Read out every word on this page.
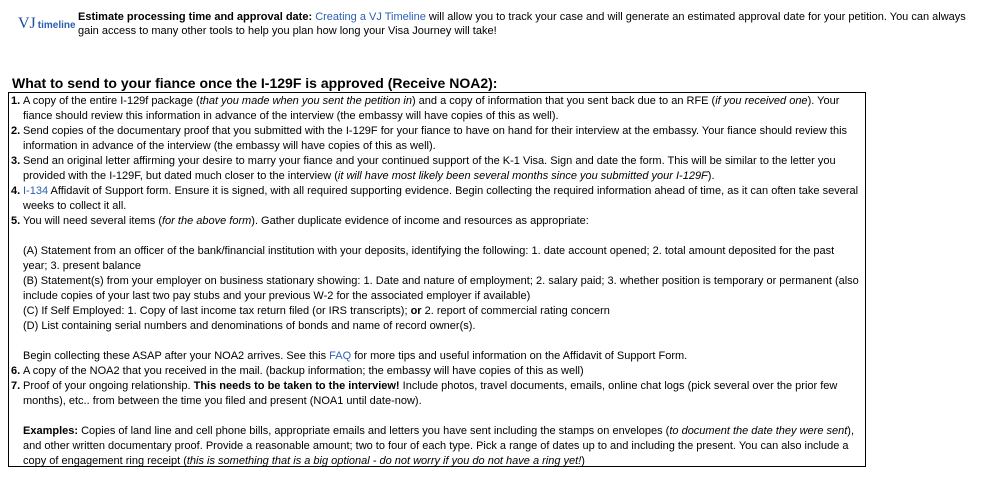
VJ timeline
Estimate processing time and approval date: Creating a VJ Timeline will allow you to track your case and will generate an estimated approval date for your petition. You can always gain access to many other tools to help you plan how long your Visa Journey will take!
What to send to your fiance once the I-129F is approved (Receive NOA2):
1. A copy of the entire I-129f package (that you made when you sent the petition in) and a copy of information that you sent back due to an RFE (if you received one). Your fiance should review this information in advance of the interview (the embassy will have copies of this as well).
2. Send copies of the documentary proof that you submitted with the I-129F for your fiance to have on hand for their interview at the embassy. Your fiance should review this information in advance of the interview (the embassy will have copies of this as well).
3. Send an original letter affirming your desire to marry your fiance and your continued support of the K-1 Visa. Sign and date the form. This will be similar to the letter you provided with the I-129F, but dated much closer to the interview (it will have most likely been several months since you submitted your I-129F).
4. I-134 Affidavit of Support form. Ensure it is signed, with all required supporting evidence. Begin collecting the required information ahead of time, as it can often take several weeks to collect it all.
5. You will need several items (for the above form). Gather duplicate evidence of income and resources as appropriate:
(A) Statement from an officer of the bank/financial institution with your deposits, identifying the following: 1. date account opened; 2. total amount deposited for the past year; 3. present balance
(B) Statement(s) from your employer on business stationary showing: 1. Date and nature of employment; 2. salary paid; 3. whether position is temporary or permanent (also include copies of your last two pay stubs and your previous W-2 for the associated employer if available)
(C) If Self Employed: 1. Copy of last income tax return filed (or IRS transcripts); or 2. report of commercial rating concern
(D) List containing serial numbers and denominations of bonds and name of record owner(s).
Begin collecting these ASAP after your NOA2 arrives. See this FAQ for more tips and useful information on the Affidavit of Support Form.
6. A copy of the NOA2 that you received in the mail. (backup information; the embassy will have copies of this as well)
7. Proof of your ongoing relationship. This needs to be taken to the interview! Include photos, travel documents, emails, online chat logs (pick several over the prior few months), etc.. from between the time you filed and present (NOA1 until date-now).
Examples: Copies of land line and cell phone bills, appropriate emails and letters you have sent including the stamps on envelopes (to document the date they were sent), and other written documentary proof. Provide a reasonable amount; two to four of each type. Pick a range of dates up to and including the present. You can also include a copy of engagement ring receipt (this is something that is a big optional - do not worry if you do not have a ring yet!)
